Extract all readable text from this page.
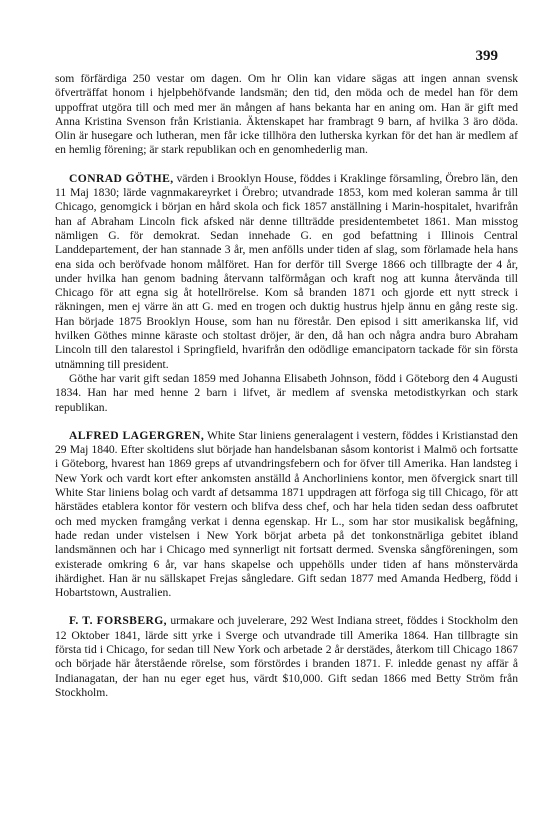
399

som förfärdiga 250 vestar om dagen. Om hr Olin kan vidare sägas att ingen annan svensk öfverträffat honom i hjelpbehöfvande landsmän; den tid, den möda och de medel han för dem uppoffrat utgöra till och med mer än mången af hans bekanta har en aning om. Han är gift med Anna Kristina Svenson från Kristiania. Äktenskapet har frambragt 9 barn, af hvilka 3 äro döda. Olin är husegare och lutheran, men får icke tillhöra den lutherska kyrkan för det han är medlem af en hemlig förening; är stark republikan och en genomhederlig man.

CONRAD GÖTHE, värden i Brooklyn House, föddes i Kraklinge församling, Örebro län, den 11 Maj 1830; lärde vagnmakareyrket i Örebro; utvandrade 1853, kom med koleran samma år till Chicago, genomgick i början en hård skola och fick 1857 anställning i Marin-hospitalet, hvarifrån han af Abraham Lincoln fick afsked när denne tillträdde presidentembetet 1861. Man misstog nämligen G. för demokrat. Sedan innehade G. en god befattning i Illinois Central Landdepartement, der han stannade 3 år, men anfölls under tiden af slag, som förlamade hela hans ena sida och beröfvade honom målföret. Han for derför till Sverge 1866 och tillbragte der 4 år, under hvilka han genom badning återvann talförmågan och kraft nog att kunna återvända till Chicago för att egna sig åt hotellrörelse. Kom så branden 1871 och gjorde ett nytt streck i räkningen, men ej värre än att G. med en trogen och duktig hustrus hjelp ännu en gång reste sig. Han började 1875 Brooklyn House, som han nu förestår. Den episod i sitt amerikanska lif, vid hvilken Göthes minne käraste och stoltast dröjer, är den, då han och några andra buro Abraham Lincoln till den talarestol i Springfield, hvarifrån den odödlige emancipatorn tackade för sin första utnämning till president.

Göthe har varit gift sedan 1859 med Johanna Elisabeth Johnson, född i Göteborg den 4 Augusti 1834. Han har med henne 2 barn i lifvet, är medlem af svenska metodistkyrkan och stark republikan.

ALFRED LAGERGREN, White Star liniens generalagent i vestern, föddes i Kristianstad den 29 Maj 1840. Efter skoltidens slut började han handelsbanan såsom kontorist i Malmö och fortsatte i Göteborg, hvarest han 1869 greps af utvandringsfebern och for öfver till Amerika. Han landsteg i New York och vardt kort efter ankomsten anställd å Anchorliniens kontor, men öfvergick snart till White Star liniens bolag och vardt af detsamma 1871 uppdragen att förfoga sig till Chicago, för att härstädes etablera kontor för vestern och blifva dess chef, och har hela tiden sedan dess oafbrutet och med mycken framgång verkat i denna egenskap. Hr L., som har stor musikalisk begåfning, hade redan under vistelsen i New York börjat arbeta på det tonkonstnärliga gebitet ibland landsmännen och har i Chicago med synnerligt nit fortsatt dermed. Svenska sångföreningen, som existerade omkring 6 år, var hans skapelse och uppehölls under tiden af hans mönstervärda ihärdighet. Han är nu sällskapet Frejas sångledare. Gift sedan 1877 med Amanda Hedberg, född i Hobartstown, Australien.

F. T. FORSBERG, urmakare och juvelerare, 292 West Indiana street, föddes i Stockholm den 12 Oktober 1841, lärde sitt yrke i Sverge och utvandrade till Amerika 1864. Han tillbragte sin första tid i Chicago, for sedan till New York och arbetade 2 år derstädes, återkom till Chicago 1867 och började här återstående rörelse, som förstördes i branden 1871. F. inledde genast ny affär å Indianagatan, der han nu eger eget hus, värdt $10,000. Gift sedan 1866 med Betty Ström från Stockholm.
